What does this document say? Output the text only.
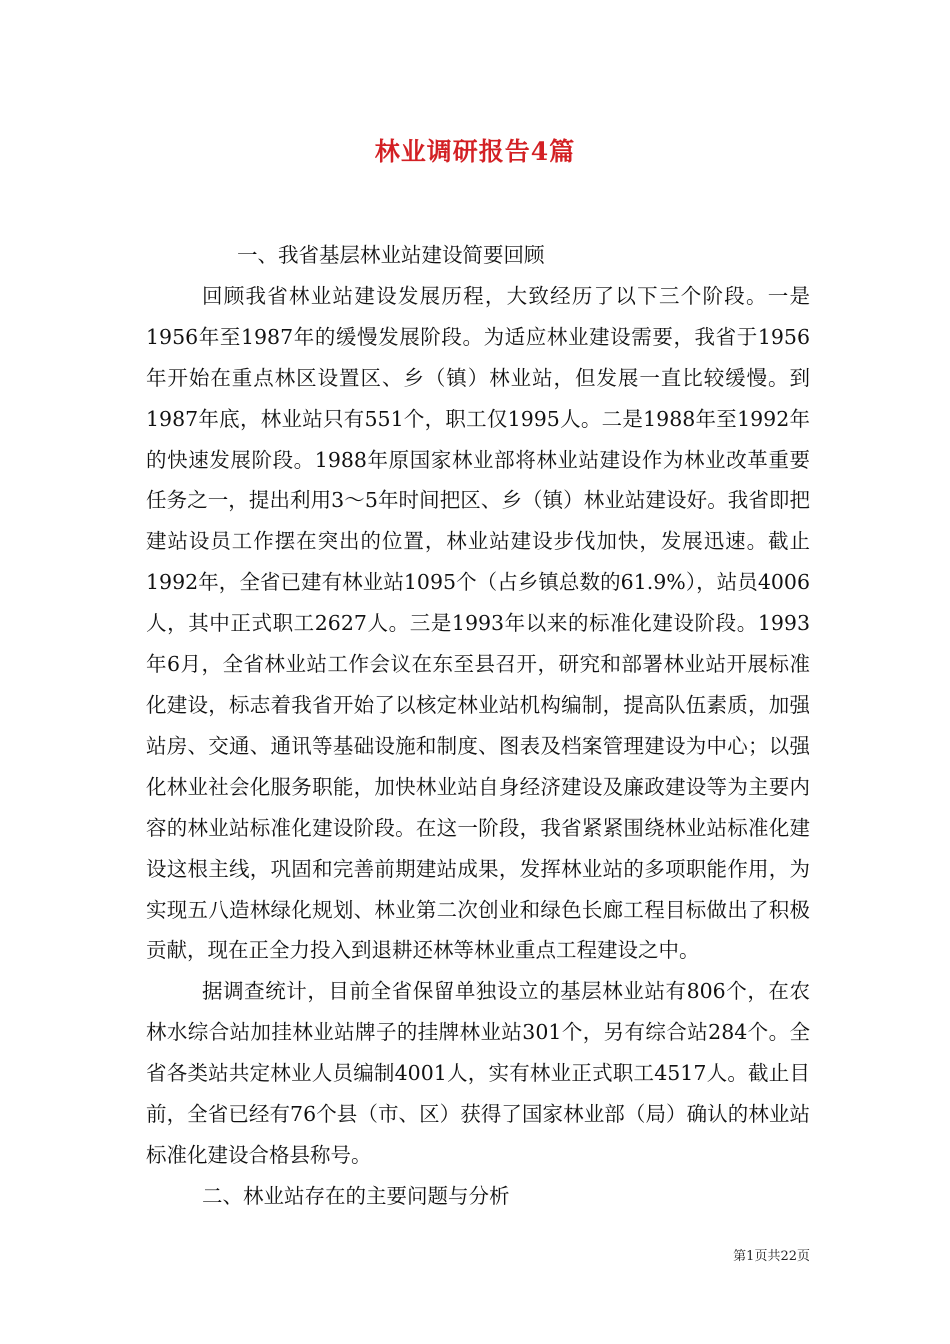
林业调研报告4篇

一、我省基层林业站建设简要回顾

回顾我省林业站建设发展历程，大致经历了以下三个阶段。一是1956年至1987年的缓慢发展阶段。为适应林业建设需要，我省于1956年开始在重点林区设置区、乡（镇）林业站，但发展一直比较缓慢。到1987年底，林业站只有551个，职工仅1995人。二是1988年至1992年的快速发展阶段。1988年原国家林业部将林业站建设作为林业改革重要任务之一，提出利用3～5年时间把区、乡（镇）林业站建设好。我省即把建站设员工作摆在突出的位置，林业站建设步伐加快，发展迅速。截止1992年，全省已建有林业站1095个（占乡镇总数的61.9%），站员4006人，其中正式职工2627人。三是1993年以来的标准化建设阶段。1993年6月，全省林业站工作会议在东至县召开，研究和部署林业站开展标准化建设，标志着我省开始了以核定林业站机构编制，提高队伍素质，加强站房、交通、通讯等基础设施和制度、图表及档案管理建设为中心；以强化林业社会化服务职能，加快林业站自身经济建设及廉政建设等为主要内容的林业站标准化建设阶段。在这一阶段，我省紧紧围绕林业站标准化建设这根主线，巩固和完善前期建站成果，发挥林业站的多项职能作用，为实现五八造林绿化规划、林业第二次创业和绿色长廊工程目标做出了积极贡献，现在正全力投入到退耕还林等林业重点工程建设之中。

据调查统计，目前全省保留单独设立的基层林业站有806个，在农林水综合站加挂林业站牌子的挂牌林业站301个，另有综合站284个。全省各类站共定林业人员编制4001人，实有林业正式职工4517人。截止目前，全省已经有76个县（市、区）获得了国家林业部（局）确认的林业站标准化建设合格县称号。

二、林业站存在的主要问题与分析

第1页共22页
